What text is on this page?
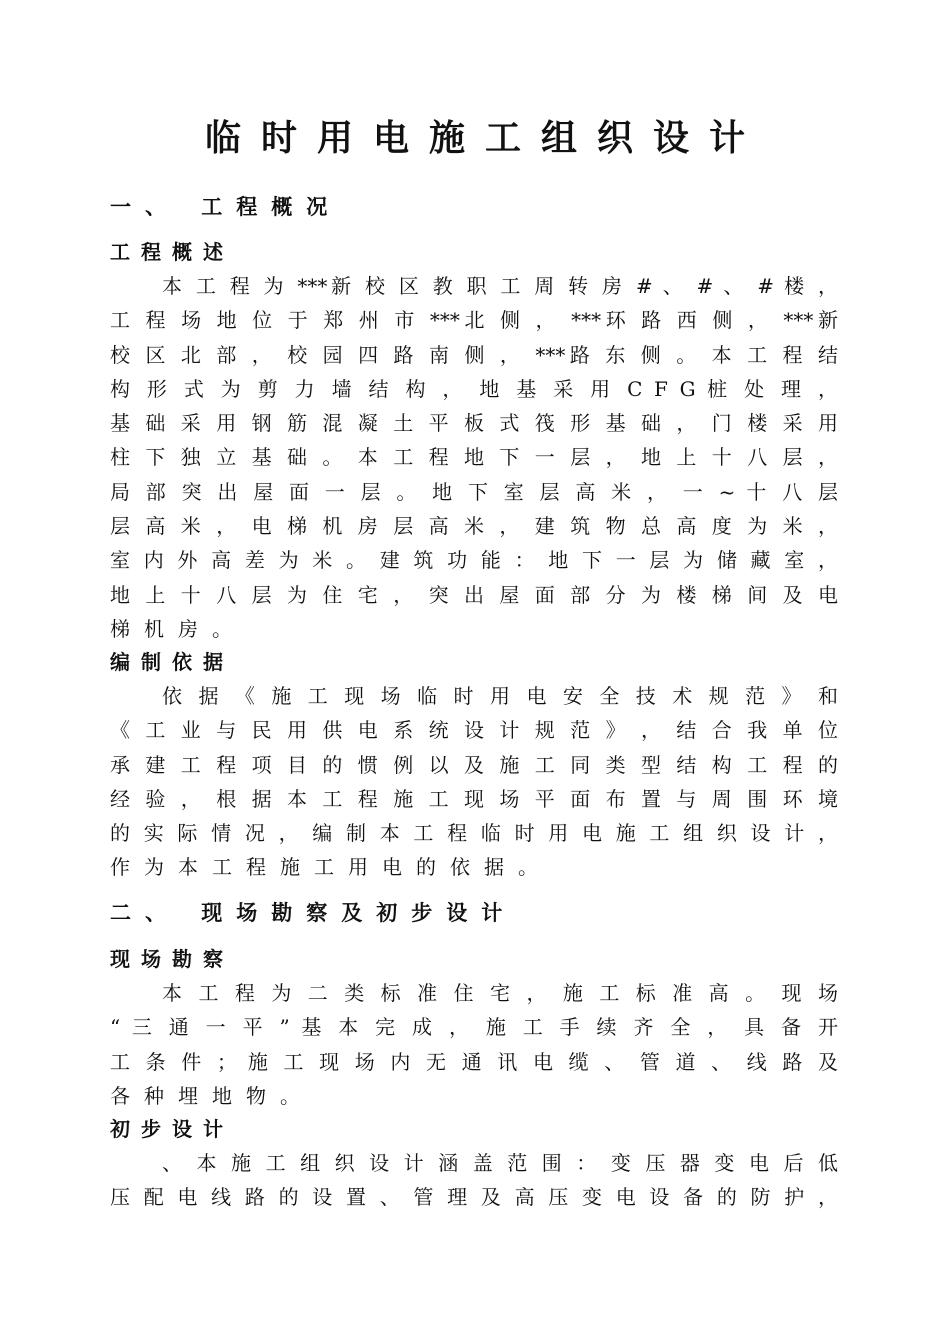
临时用电施工组织设计
一、 工程概况
工程概述
本 工 程 为 ***新 校 区 教 职 工 周 转 房 # 、 # 、 # 楼 ，
工 程 场 地 位 于 郑 州 市 ***北 侧 ， ***环 路 西 侧 ， ***新
校 区 北 部 ， 校 园 四 路 南 侧 ， ***路 东 侧 。 本 工 程 结
构 形 式 为 剪 力 墙 结 构 ， 地 基 采 用 C F G 桩 处 理 ，
基 础 采 用 钢 筋 混 凝 土 平 板 式 筏 形 基 础 ， 门 楼 采 用
柱 下 独 立 基 础 。 本 工 程 地 下 一 层 ， 地 上 十 八 层 ，
局 部 突 出 屋 面 一 层 。 地 下 室 层 高 米 ， 一 ~ 十 八 层
层 高 米 ， 电 梯 机 房 层 高 米 ， 建 筑 物 总 高 度 为 米 ，
室 内 外 高 差 为 米 。 建 筑 功 能 ： 地 下 一 层 为 储 藏 室 ，
地 上 十 八 层 为 住 宅 ， 突 出 屋 面 部 分 为 楼 梯 间 及 电
梯机房。
编制依据
依 据 《 施 工 现 场 临 时 用 电 安 全 技 术 规 范 》 和
《 工 业 与 民 用 供 电 系 统 设 计 规 范 》 ， 结 合 我 单 位
承 建 工 程 项 目 的 惯 例 以 及 施 工 同 类 型 结 构 工 程 的
经 验 ， 根 据 本 工 程 施 工 现 场 平 面 布 置 与 周 围 环 境
的 实 际 情 况 ， 编 制 本 工 程 临 时 用 电 施 工 组 织 设 计 ，
作为本工程施工用电的依据。
二、 现场勘察及初步设计
现场勘察
本 工 程 为 二 类 标 准 住 宅 ， 施 工 标 准 高 。 现 场
“ 三 通 一 平 ” 基 本 完 成 ， 施 工 手 续 齐 全 ， 具 备 开
工 条 件 ； 施 工 现 场 内 无 通 讯 电 缆 、 管 道 、 线 路 及
各种埋地物。
初步设计
、 本 施 工 组 织 设 计 涵 盖 范 围 ： 变 压 器 变 电 后 低
压 配 电 线 路 的 设 置 、 管 理 及 高 压 变 电 设 备 的 防 护 ，
